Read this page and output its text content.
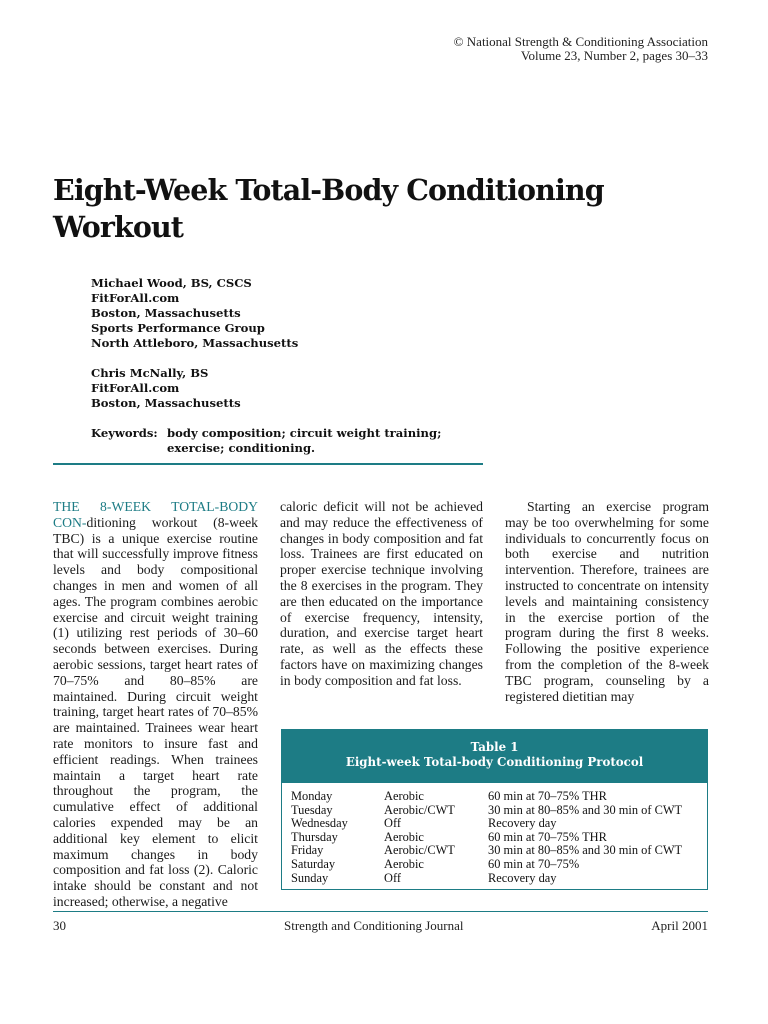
© National Strength & Conditioning Association
Volume 23, Number 2, pages 30–33
Eight-Week Total-Body Conditioning Workout
Michael Wood, BS, CSCS
FitForAll.com
Boston, Massachusetts
Sports Performance Group
North Attleboro, Massachusetts
Chris McNally, BS
FitForAll.com
Boston, Massachusetts
Keywords: body composition; circuit weight training;
exercise; conditioning.
THE 8-WEEK TOTAL-BODY CON-ditioning workout (8-week TBC) is a unique exercise routine that will successfully improve fitness levels and body compositional changes in men and women of all ages. The program combines aerobic exercise and circuit weight training (1) utilizing rest periods of 30–60 seconds between exercises. During aerobic sessions, target heart rates of 70–75% and 80–85% are maintained. During circuit weight training, target heart rates of 70–85% are maintained. Trainees wear heart rate monitors to insure fast and efficient readings. When trainees maintain a target heart rate throughout the program, the cumulative effect of additional calories expended may be an additional key element to elicit maximum changes in body composition and fat loss (2). Caloric intake should be constant and not increased; otherwise, a negative
caloric deficit will not be achieved and may reduce the effectiveness of changes in body composition and fat loss. Trainees are first educated on proper exercise technique involving the 8 exercises in the program. They are then educated on the importance of exercise frequency, intensity, duration, and exercise target heart rate, as well as the effects these factors have on maximizing changes in body composition and fat loss.

Starting an exercise program may be too overwhelming for some individuals to concurrently focus on both exercise and nutrition intervention. Therefore, trainees are instructed to concentrate on intensity levels and maintaining consistency in the exercise portion of the program during the first 8 weeks. Following the positive experience from the completion of the 8-week TBC program, counseling by a registered dietitian may

Table 1
Eight-week Total-body Conditioning Protocol
Monday	Aerobic	60 min at 70–75% THR
Tuesday	Aerobic/CWT	30 min at 80–85% and 30 min of CWT
Wednesday	Off	Recovery day
Thursday	Aerobic	60 min at 70–75% THR
Friday	Aerobic/CWT	30 min at 80–85% and 30 min of CWT
Saturday	Aerobic	60 min at 70–75%
Sunday	Off	Recovery day
30	Strength and Conditioning Journal	April 2001
